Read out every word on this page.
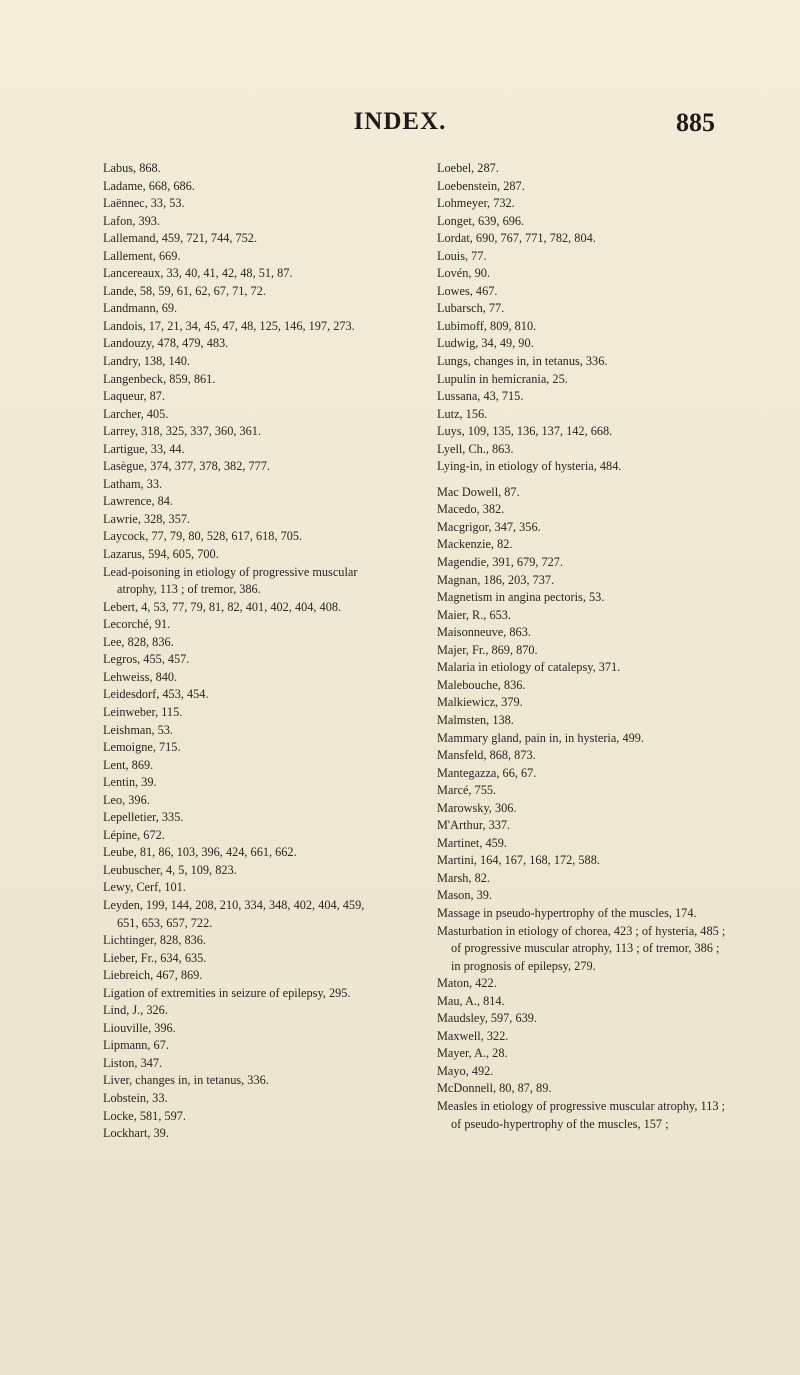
INDEX.	885
Labus, 868.
Ladame, 668, 686.
Laënnec, 33, 53.
Lafon, 393.
Lallemand, 459, 721, 744, 752.
Lallement, 669.
Lancereaux, 33, 40, 41, 42, 48, 51, 87.
Lande, 58, 59, 61, 62, 67, 71, 72.
Landmann, 69.
Landois, 17, 21, 34, 45, 47, 48, 125, 146, 197, 273.
Landouzy, 478, 479, 483.
Landry, 138, 140.
Langenbeck, 859, 861.
Laqueur, 87.
Larcher, 405.
Larrey, 318, 325, 337, 360, 361.
Lartigue, 33, 44.
Lasègue, 374, 377, 378, 382, 777.
Latham, 33.
Lawrence, 84.
Lawrie, 328, 357.
Laycock, 77, 79, 80, 528, 617, 618, 705.
Lazarus, 594, 605, 700.
Lead-poisoning in etiology of progressive muscular atrophy, 113 ; of tremor, 386.
Lebert, 4, 53, 77, 79, 81, 82, 401, 402, 404, 408.
Lecorché, 91.
Lee, 828, 836.
Legros, 455, 457.
Lehweiss, 840.
Leidesdorf, 453, 454.
Leinweber, 115.
Leishman, 53.
Lemoigne, 715.
Lent, 869.
Lentin, 39.
Leo, 396.
Lepelletier, 335.
Lépine, 672.
Leube, 81, 86, 103, 396, 424, 661, 662.
Leubuscher, 4, 5, 109, 823.
Lewy, Cerf, 101.
Leyden, 199, 144, 208, 210, 334, 348, 402, 404, 459, 651, 653, 657, 722.
Lichtinger, 828, 836.
Lieber, Fr., 634, 635.
Liebreich, 467, 869.
Ligation of extremities in seizure of epilepsy, 295.
Lind, J., 326.
Liouville, 396.
Lipmann, 67.
Liston, 347.
Liver, changes in, in tetanus, 336.
Lobstein, 33.
Locke, 581, 597.
Lockhart, 39.
Loebel, 287.
Loebenstein, 287.
Lohmeyer, 732.
Longet, 639, 696.
Lordat, 690, 767, 771, 782, 804.
Louis, 77.
Lovén, 90.
Lowes, 467.
Lubarsch, 77.
Lubimoff, 809, 810.
Ludwig, 34, 49, 90.
Lungs, changes in, in tetanus, 336.
Lupulin in hemicrania, 25.
Lussana, 43, 715.
Lutz, 156.
Luys, 109, 135, 136, 137, 142, 668.
Lyell, Ch., 863.
Lying-in, in etiology of hysteria, 484.
Mac Dowell, 87.
Macedo, 382.
Macgrigor, 347, 356.
Mackenzie, 82.
Magendie, 391, 679, 727.
Magnan, 186, 203, 737.
Magnetism in angina pectoris, 53.
Maier, R., 653.
Maisonneuve, 863.
Majer, Fr., 869, 870.
Malaria in etiology of catalepsy, 371.
Malebouche, 836.
Malkiewicz, 379.
Malmsten, 138.
Mammary gland, pain in, in hysteria, 499.
Mansfeld, 868, 873.
Mantegazza, 66, 67.
Marcé, 755.
Marowsky, 306.
M'Arthur, 337.
Martinet, 459.
Martini, 164, 167, 168, 172, 588.
Marsh, 82.
Mason, 39.
Massage in pseudo-hypertrophy of the muscles, 174.
Masturbation in etiology of chorea, 423 ; of hysteria, 485 ; of progressive muscular atrophy, 113 ; of tremor, 386 ; in prognosis of epilepsy, 279.
Maton, 422.
Mau, A., 814.
Maudsley, 597, 639.
Maxwell, 322.
Mayer, A., 28.
Mayo, 492.
McDonnell, 80, 87, 89.
Measles in etiology of progressive muscular atrophy, 113 ; of pseudo-hypertrophy of the muscles, 157 ;
